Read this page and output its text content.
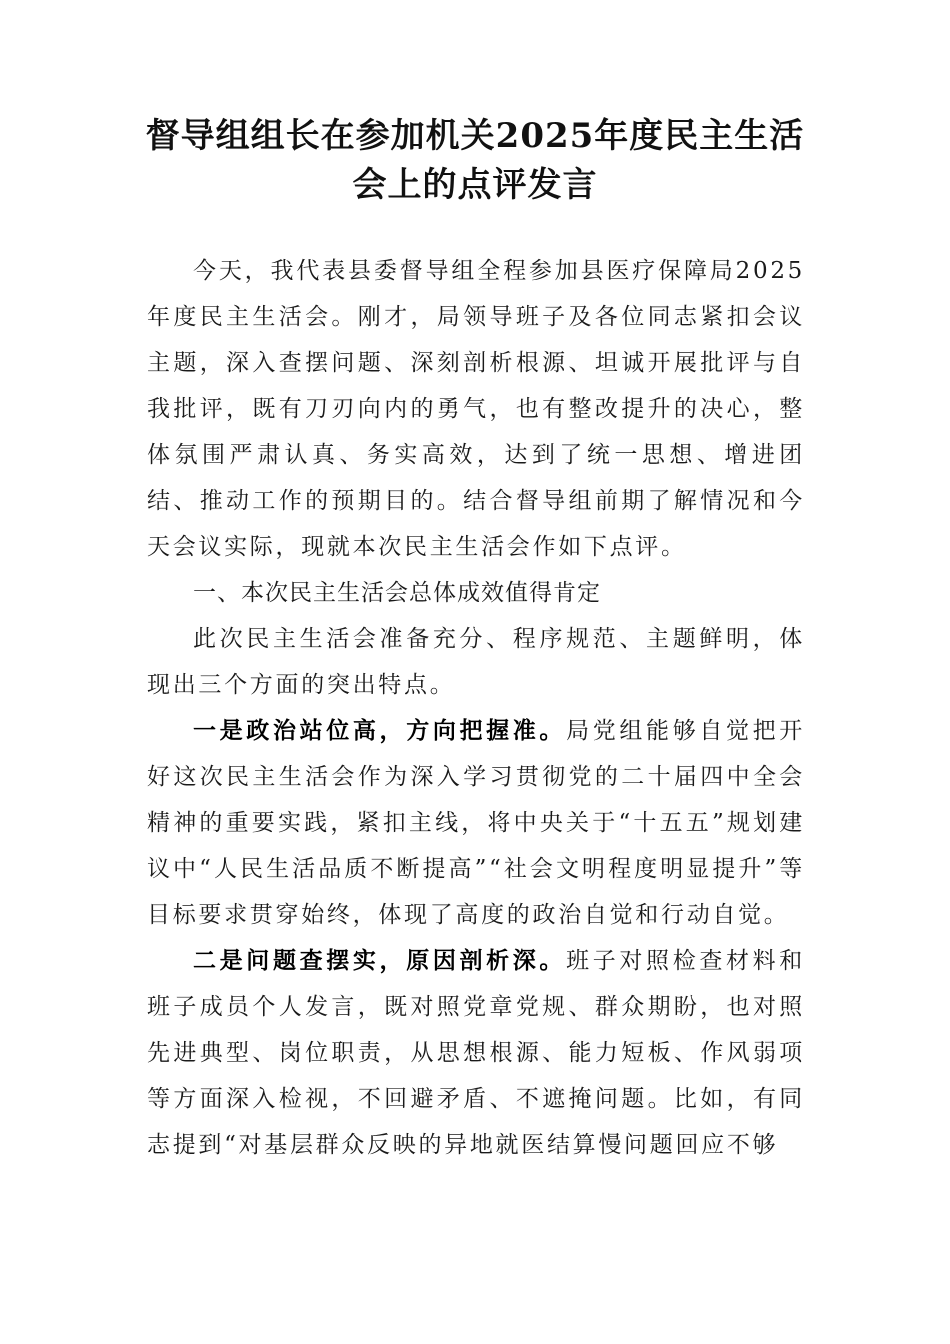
督导组组长在参加机关2025年度民主生活
会上的点评发言

今天，我代表县委督导组全程参加县医疗保障局2025年度民主生活会。刚才，局领导班子及各位同志紧扣会议主题，深入查摆问题、深刻剖析根源、坦诚开展批评与自我批评，既有刀刃向内的勇气，也有整改提升的决心，整体氛围严肃认真、务实高效，达到了统一思想、增进团结、推动工作的预期目的。结合督导组前期了解情况和今天会议实际，现就本次民主生活会作如下点评。

一、本次民主生活会总体成效值得肯定

此次民主生活会准备充分、程序规范、主题鲜明，体现出三个方面的突出特点。

一是政治站位高，方向把握准。局党组能够自觉把开好这次民主生活会作为深入学习贯彻党的二十届四中全会精神的重要实践，紧扣主线，将中央关于“十五五”规划建议中“人民生活品质不断提高”“社会文明程度明显提升”等目标要求贯穿始终，体现了高度的政治自觉和行动自觉。

二是问题查摆实，原因剖析深。班子对照检查材料和班子成员个人发言，既对照党章党规、群众期盼，也对照先进典型、岗位职责，从思想根源、能力短板、作风弱项等方面深入检视，不回避矛盾、不遮掩问题。比如，有同志提到“对基层群众反映的异地就医结算慢问题回应不够
